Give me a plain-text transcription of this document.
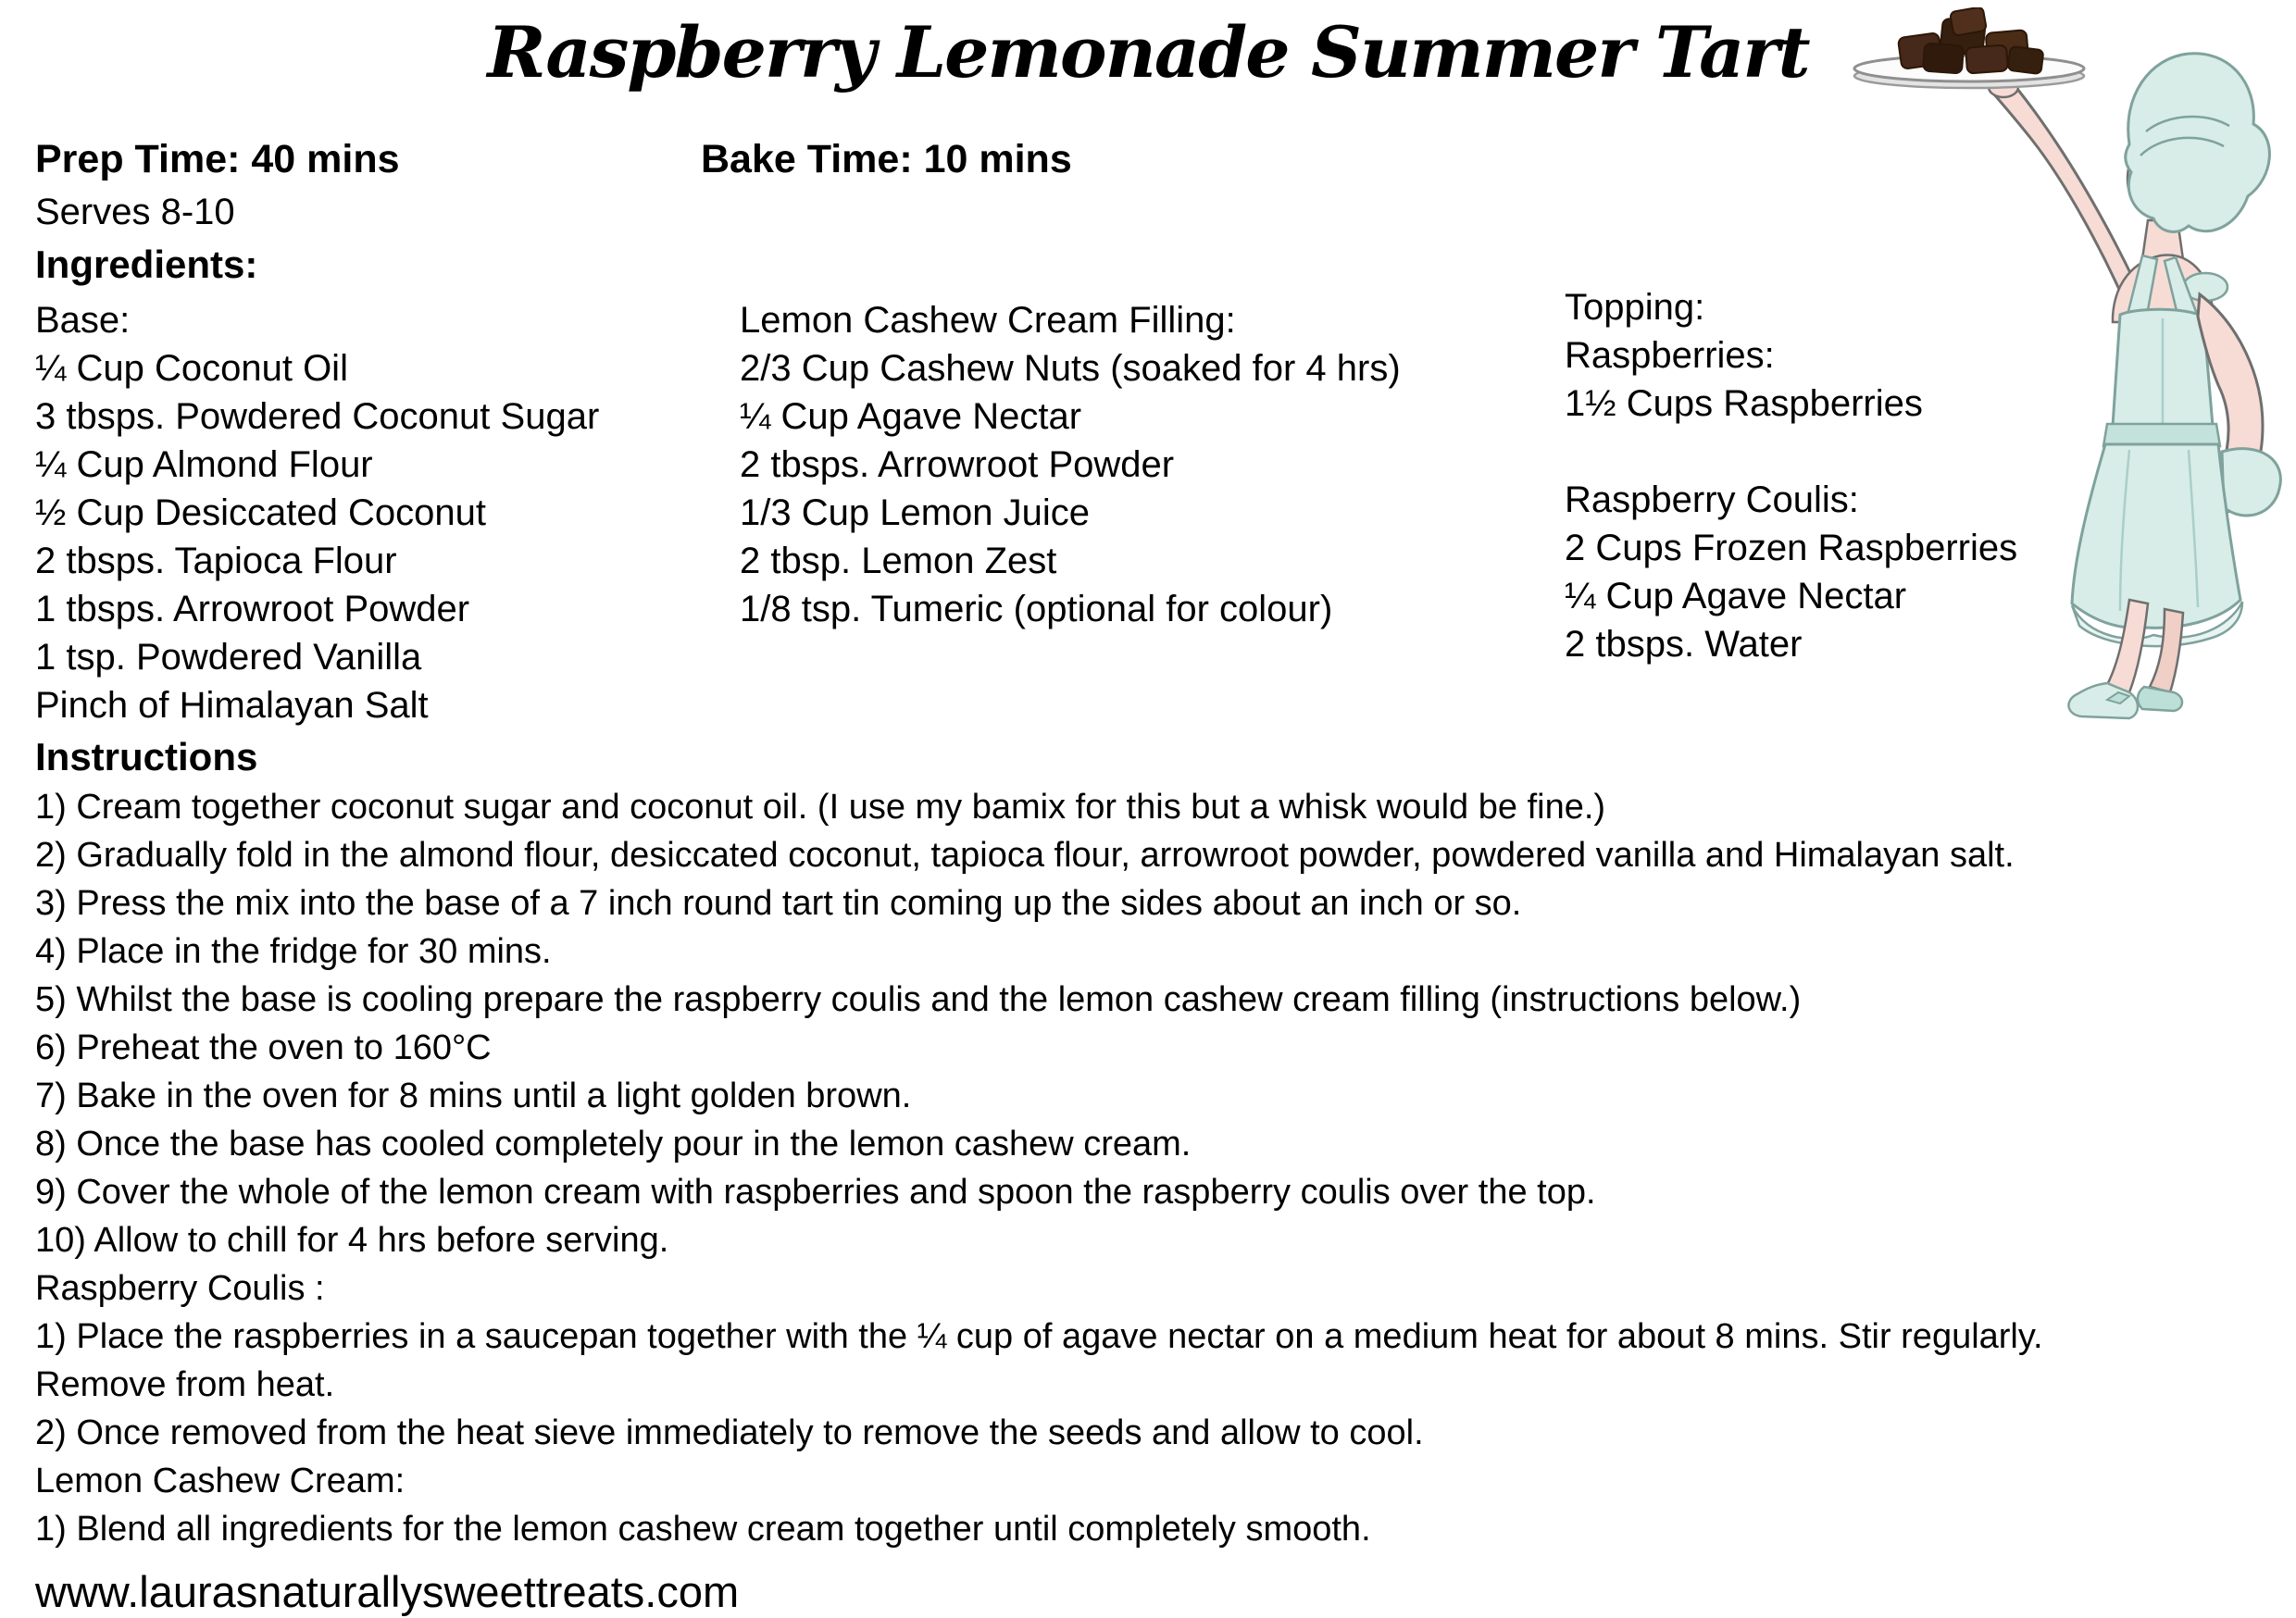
Raspberry Lemonade Summer Tart
Prep Time: 40 mins	Bake Time: 10 mins
Serves 8-10
Ingredients:
Base:
¼ Cup Coconut Oil
3 tbsps. Powdered Coconut Sugar
¼ Cup Almond Flour
½ Cup Desiccated Coconut
2 tbsps. Tapioca Flour
1 tbsps. Arrowroot Powder
1 tsp. Powdered Vanilla
Pinch of Himalayan Salt
Lemon Cashew Cream Filling:
2/3 Cup Cashew Nuts (soaked for 4 hrs)
¼ Cup Agave Nectar
2 tbsps. Arrowroot Powder
1/3 Cup Lemon Juice
2 tbsp. Lemon Zest
1/8 tsp. Tumeric (optional for colour)
Topping:
Raspberries:
1½ Cups Raspberries
Raspberry Coulis:
2 Cups Frozen Raspberries
¼ Cup Agave Nectar
2 tbsps. Water
Instructions
1) Cream together coconut sugar and coconut oil. (I use my bamix for this but a whisk would be fine.)
2) Gradually fold in the almond flour, desiccated coconut, tapioca flour, arrowroot powder, powdered vanilla and Himalayan salt.
3) Press the mix into the base of a 7 inch round tart tin coming up the sides about an inch or so.
4) Place in the fridge for 30 mins.
5) Whilst the base is cooling prepare the raspberry coulis and the lemon cashew cream filling (instructions below.)
6) Preheat the oven to 160°C
7) Bake in the oven for 8 mins until a light golden brown.
8) Once the base has cooled completely pour in the lemon cashew cream.
9) Cover the whole of the lemon cream with raspberries and spoon the raspberry coulis over the top.
10) Allow to chill for 4 hrs before serving.
Raspberry Coulis :
1) Place the raspberries in a saucepan together with the ¼ cup of agave nectar on a medium heat for about 8 mins. Stir regularly.
Remove from heat.
2) Once removed from the heat sieve immediately to remove the seeds and allow to cool.
Lemon Cashew Cream:
1) Blend all ingredients for the lemon cashew cream together until completely smooth.
www.laurasnaturallysweettreats.com
